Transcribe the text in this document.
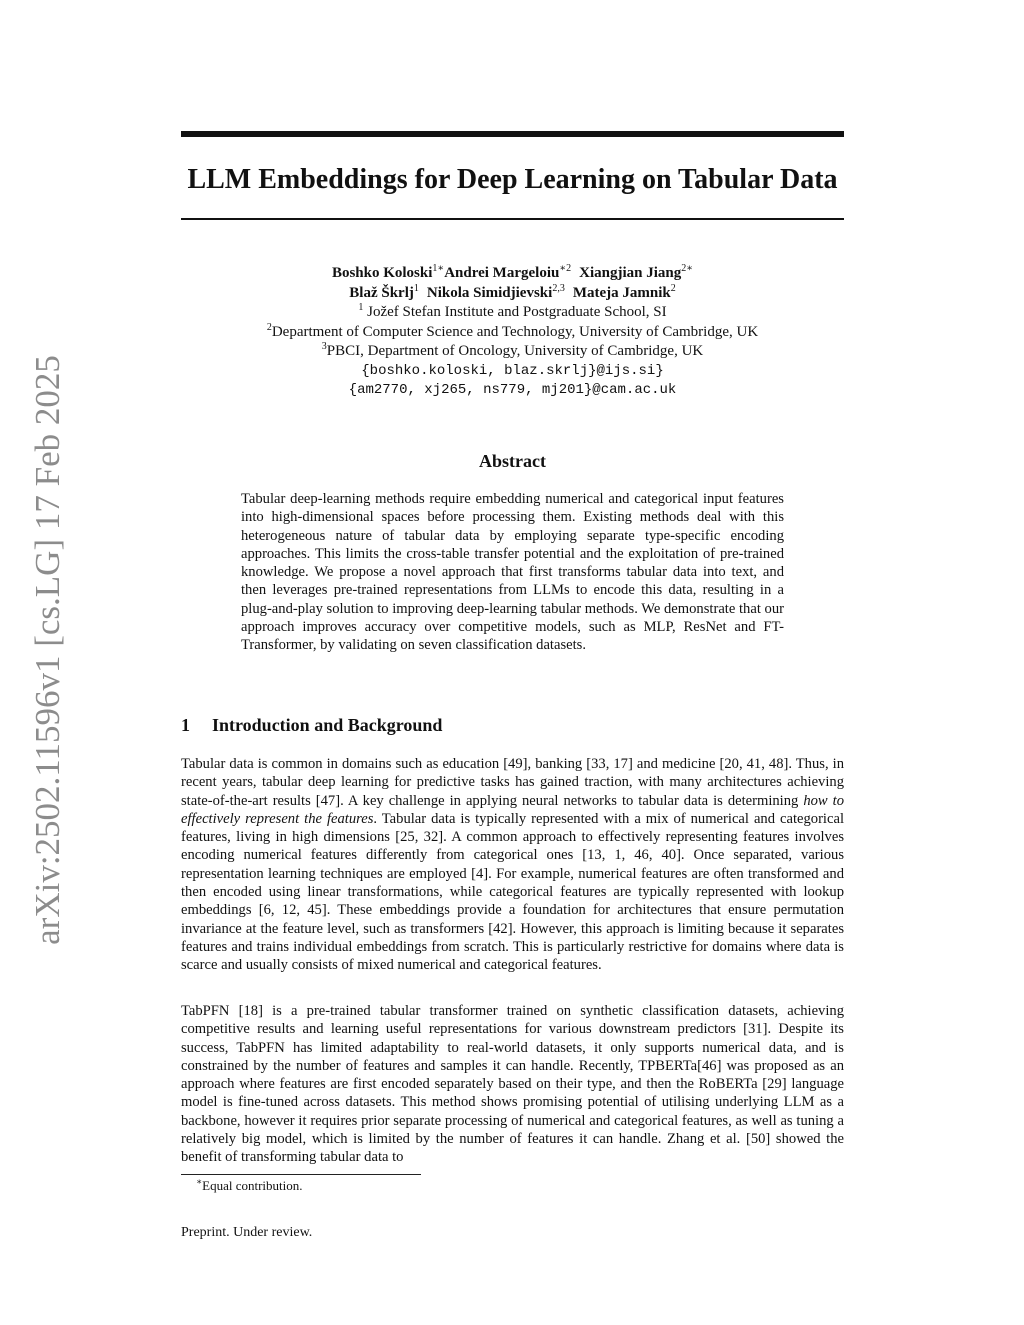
arXiv:2502.11596v1 [cs.LG] 17 Feb 2025
LLM Embeddings for Deep Learning on Tabular Data
Boshko Koloski$^{1∗}$Andrei Margeloiu$^{∗2}$ Xiangjian Jiang$^{2∗}$
Blaž Škrlj$^1$ Nikola Simidjievski$^{2,3}$ Mateja Jamnik$^2$
$^1$ Jožef Stefan Institute and Postgraduate School, SI
$^2$Department of Computer Science and Technology, University of Cambridge, UK
$^3$PBCI, Department of Oncology, University of Cambridge, UK
{boshko.koloski, blaz.skrlj}@ijs.si}
{am2770, xj265, ns779, mj201}@cam.ac.uk
Abstract

Tabular deep-learning methods require embedding numerical and categorical input features into high-dimensional spaces before processing them. Existing methods deal with this heterogeneous nature of tabular data by employing separate type-specific encoding approaches. This limits the cross-table transfer potential and the exploitation of pre-trained knowledge. We propose a novel approach that first transforms tabular data into text, and then leverages pre-trained representations from LLMs to encode this data, resulting in a plug-and-play solution to improving deep-learning tabular methods. We demonstrate that our approach improves accuracy over competitive models, such as MLP, ResNet and FT-Transformer, by validating on seven classification datasets.

1 Introduction and Background

Tabular data is common in domains such as education [49], banking [33, 17] and medicine [20, 41, 48]. Thus, in recent years, tabular deep learning for predictive tasks has gained traction, with many architectures achieving state-of-the-art results [47]. A key challenge in applying neural networks to tabular data is determining how to effectively represent the features. Tabular data is typically represented with a mix of numerical and categorical features, living in high dimensions [25, 32]. A common approach to effectively representing features involves encoding numerical features differently from categorical ones [13, 1, 46, 40]. Once separated, various representation learning techniques are employed [4]. For example, numerical features are often transformed and then encoded using linear transformations, while categorical features are typically represented with lookup embeddings [6, 12, 45]. These embeddings provide a foundation for architectures that ensure permutation invariance at the feature level, such as transformers [42]. However, this approach is limiting because it separates features and trains individual embeddings from scratch. This is particularly restrictive for domains where data is scarce and usually consists of mixed numerical and categorical features.

TabPFN [18] is a pre-trained tabular transformer trained on synthetic classification datasets, achieving competitive results and learning useful representations for various downstream predictors [31]. Despite its success, TabPFN has limited adaptability to real-world datasets, it only supports numerical data, and is constrained by the number of features and samples it can handle. Recently, TPBERTa[46] was proposed as an approach where features are first encoded separately based on their type, and then the RoBERTa [29] language model is fine-tuned across datasets. This method shows promising potential of utilising underlying LLM as a backbone, however it requires prior separate processing of numerical and categorical features, as well as tuning a relatively big model, which is limited by the number of features it can handle. Zhang et al. [50] showed the benefit of transforming tabular data to

∗Equal contribution.
Preprint. Under review.
